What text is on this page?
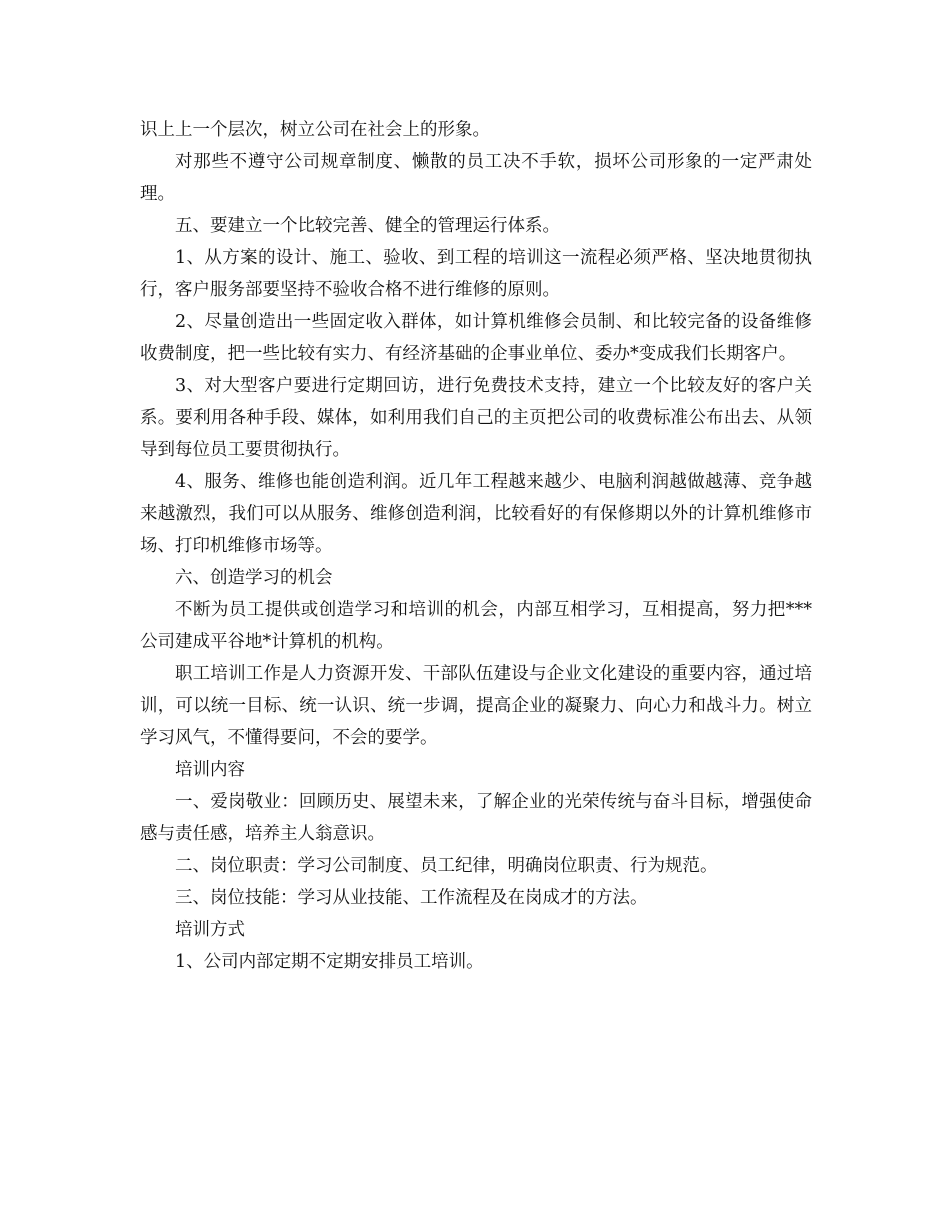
识上上一个层次，树立公司在社会上的形象。

对那些不遵守公司规章制度、懒散的员工决不手软，损坏公司形象的一定严肃处理。

五、要建立一个比较完善、健全的管理运行体系。

1、从方案的设计、施工、验收、到工程的培训这一流程必须严格、坚决地贯彻执行，客户服务部要坚持不验收合格不进行维修的原则。

2、尽量创造出一些固定收入群体，如计算机维修会员制、和比较完备的设备维修收费制度，把一些比较有实力、有经济基础的企事业单位、委办*变成我们长期客户。

3、对大型客户要进行定期回访，进行免费技术支持，建立一个比较友好的客户关系。要利用各种手段、媒体，如利用我们自己的主页把公司的收费标准公布出去、从领导到每位员工要贯彻执行。

4、服务、维修也能创造利润。近几年工程越来越少、电脑利润越做越薄、竞争越来越激烈，我们可以从服务、维修创造利润，比较看好的有保修期以外的计算机维修市场、打印机维修市场等。

六、创造学习的机会

不断为员工提供或创造学习和培训的机会，内部互相学习，互相提高，努力把***公司建成平谷地*计算机的机构。

职工培训工作是人力资源开发、干部队伍建设与企业文化建设的重要内容，通过培训，可以统一目标、统一认识、统一步调，提高企业的凝聚力、向心力和战斗力。树立学习风气，不懂得要问，不会的要学。

培训内容

一、爱岗敬业：回顾历史、展望未来，了解企业的光荣传统与奋斗目标，增强使命感与责任感，培养主人翁意识。

二、岗位职责：学习公司制度、员工纪律，明确岗位职责、行为规范。

三、岗位技能：学习从业技能、工作流程及在岗成才的方法。

培训方式

1、公司内部定期不定期安排员工培训。
